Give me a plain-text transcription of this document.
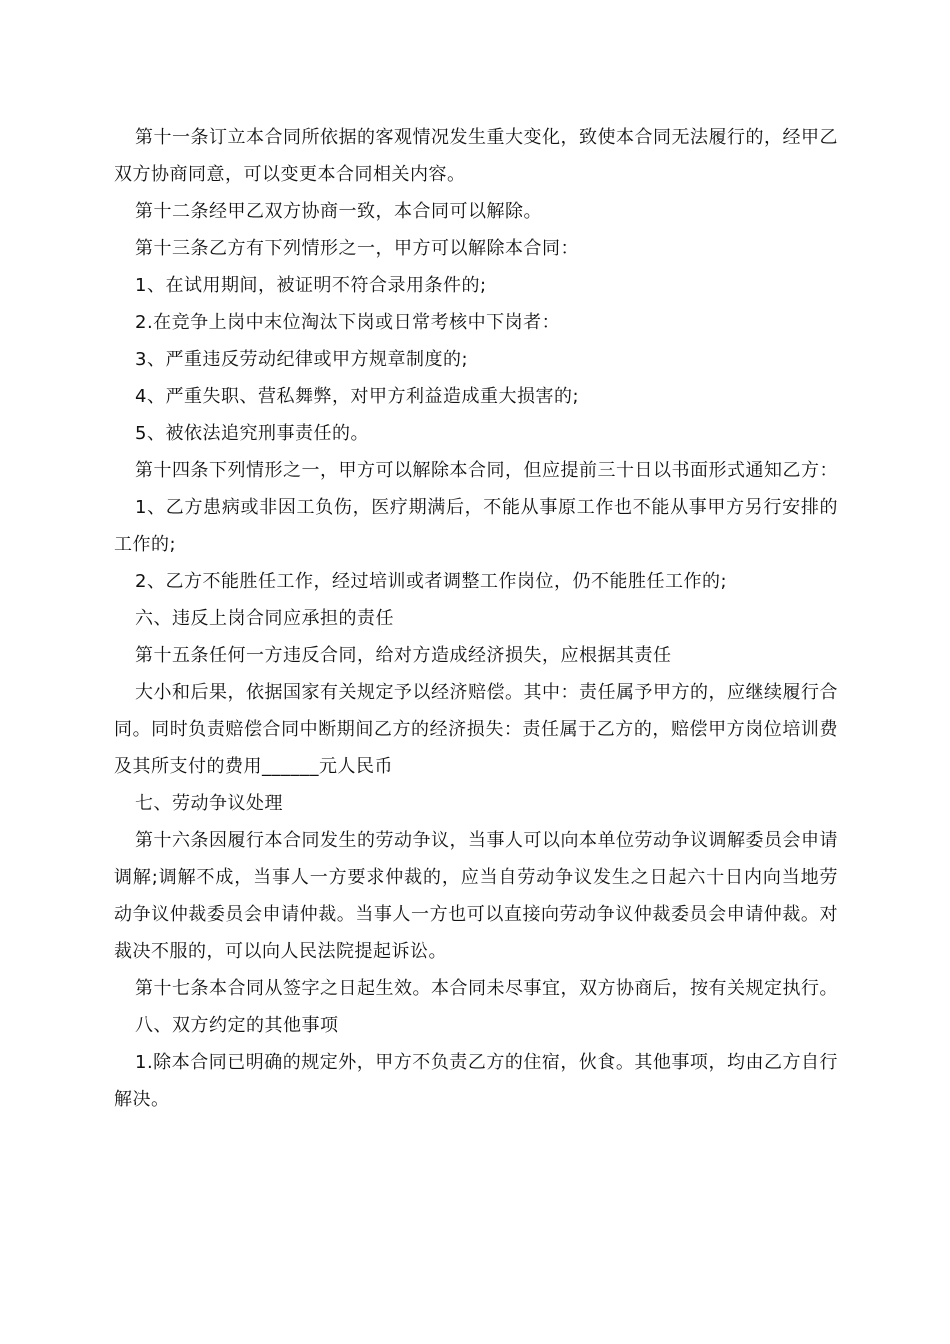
第十一条订立本合同所依据的客观情况发生重大变化，致使本合同无法履行的，经甲乙双方协商同意，可以变更本合同相关内容。

第十二条经甲乙双方协商一致，本合同可以解除。

第十三条乙方有下列情形之一，甲方可以解除本合同：

1、在试用期间，被证明不符合录用条件的;

2.在竞争上岗中末位淘汰下岗或日常考核中下岗者：

3、严重违反劳动纪律或甲方规章制度的;

4、严重失职、营私舞弊，对甲方利益造成重大损害的;

5、被依法追究刑事责任的。

第十四条下列情形之一，甲方可以解除本合同，但应提前三十日以书面形式通知乙方：

1、乙方患病或非因工负伤，医疗期满后，不能从事原工作也不能从事甲方另行安排的工作的;

2、乙方不能胜任工作，经过培训或者调整工作岗位，仍不能胜任工作的;

六、违反上岗合同应承担的责任

第十五条任何一方违反合同，给对方造成经济损失，应根据其责任

大小和后果，依据国家有关规定予以经济赔偿。其中：责任属予甲方的，应继续履行合同。同时负责赔偿合同中断期间乙方的经济损失：责任属于乙方的，赔偿甲方岗位培训费及其所支付的费用______元人民币

七、劳动争议处理

第十六条因履行本合同发生的劳动争议，当事人可以向本单位劳动争议调解委员会申请调解;调解不成，当事人一方要求仲裁的，应当自劳动争议发生之日起六十日内向当地劳动争议仲裁委员会申请仲裁。当事人一方也可以直接向劳动争议仲裁委员会申请仲裁。对裁决不服的，可以向人民法院提起诉讼。

第十七条本合同从签字之日起生效。本合同未尽事宜，双方协商后，按有关规定执行。

八、双方约定的其他事项

1.除本合同已明确的规定外，甲方不负责乙方的住宿，伙食。其他事项，均由乙方自行解决。
